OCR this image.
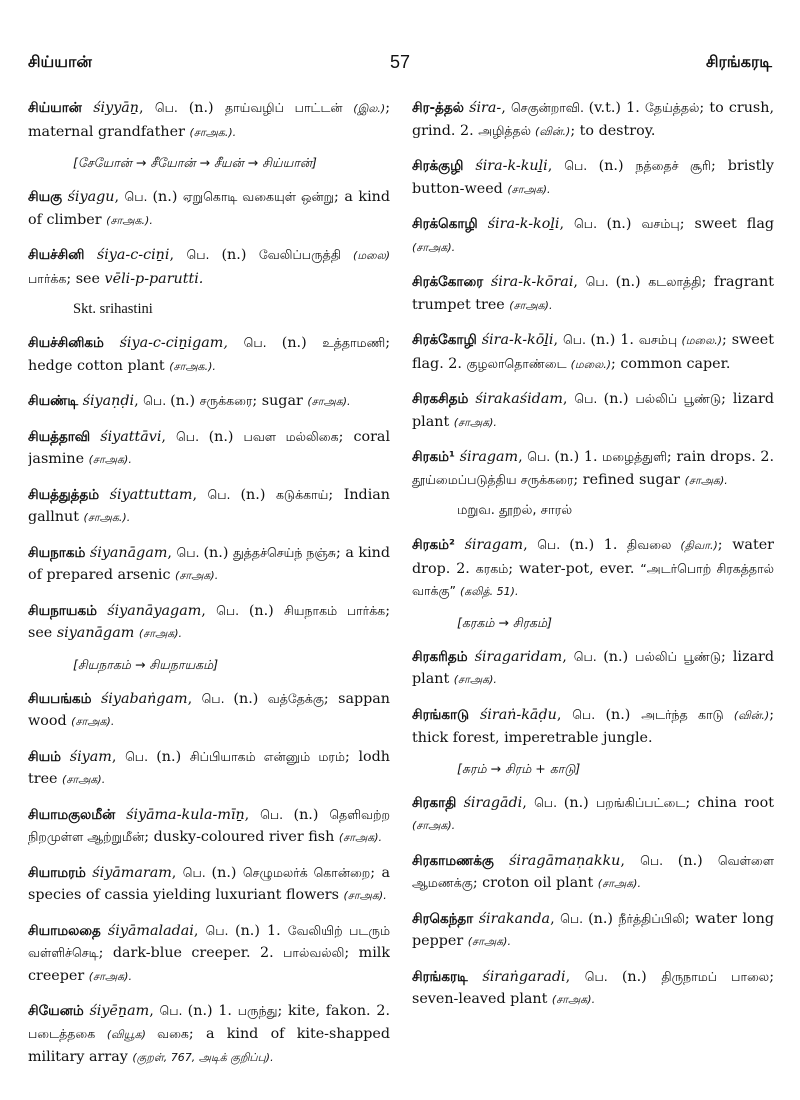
சிய்யான்	57	சிரங்கரடி
சிய்யான் śiyyāṉ, பெ. (n.) தாய்வழிப் பாட்டன் (இல.); maternal grandfather (சாஅக.).
[சேயோன் → சீயோன் → சீயன் → சிய்யான்]
சியகு śiyagu, பெ. (n.) ஏறுகொடி வகையுள் ஒன்று; a kind of climber (சாஅக.).
சியச்சினி śiya-c-ciṉi, பெ. (n.) வேலிப்பருத்தி (மலை) பார்க்க; see vēli-p-parutti.
Skt. srihastini
சியச்சினிகம் śiya-c-ciṉigam, பெ. (n.) உத்தாமணி; hedge cotton plant (சாஅக.).
சியண்டி śiyaṇḍi, பெ. (n.) சருக்கரை; sugar (சாஅக).
சியத்தாவி śiyattāvi, பெ. (n.) பவள மல்லிகை; coral jasmine (சாஅக).
சியத்துத்தம் śiyattuttam, பெ. (n.) கடுக்காய்; Indian gallnut (சாஅக.).
சியநாகம் śiyanāgam, பெ. (n.) துத்தச்செய்ந் நஞ்சு; a kind of prepared arsenic (சாஅக).
சியநாயகம் śiyanāyagam, பெ. (n.) சியநாகம் பார்க்க; see siyanāgam (சாஅக).
[சியநாகம் → சியநாயகம்]
சியபங்கம் śiyabaṅgam, பெ. (n.) வத்தேக்கு; sappan wood (சாஅக).
சியம் śiyam, பெ. (n.) சிப்பியாகம் என்னும் மரம்; lodh tree (சாஅக).
சியாமகுலமீன் śiyāma-kula-mīṉ, பெ. (n.) தெளிவற்ற நிறமுள்ள ஆற்றுமீன்; dusky-coloured river fish (சாஅக).
சியாமரம் śiyāmaram, பெ. (n.) செழுமலர்க் கொன்றை; a species of cassia yielding luxuriant flowers (சாஅக).
சியாமலதை śiyāmaladai, பெ. (n.) 1. வேலியிற் படரும் வள்ளிச்செடி; dark-blue creeper. 2. பால்வல்லி; milk creeper (சாஅக).
சியேனம் śiyēṉam, பெ. (n.) 1. பருந்து; kite, fakon. 2. படைத்தகை (வியூக) வகை; a kind of kite-shapped military array (குறள், 767, அடிக் குறிப்பு).
சிர-த்தல் śira-, செகுன்றாவி. (v.t.) 1. தேய்த்தல்; to crush, grind. 2. அழித்தல் (வின்.); to destroy.
சிரக்குழி śira-k-kuḻi, பெ. (n.) நத்தைச் சூரி; bristly button-weed (சாஅக).
சிரக்கொழி śira-k-koḻi, பெ. (n.) வசம்பு; sweet flag (சாஅக).
சிரக்கோரை śira-k-kōrai, பெ. (n.) கடலாத்தி; fragrant trumpet tree (சாஅக).
சிரக்கோழி śira-k-kōḻi, பெ. (n.) 1. வசம்பு (மலை.); sweet flag. 2. குழலாதொண்டை (மலை.); common caper.
சிரகசிதம் śirakaśidam, பெ. (n.) பல்லிப் பூண்டு; lizard plant (சாஅக).
சிரகம்¹ śiragam, பெ. (n.) 1. மழைத்துளி; rain drops. 2. தூய்மைப்படுத்திய சருக்கரை; refined sugar (சாஅக).
மறுவ. தூறல், சாரல்
சிரகம்² śiragam, பெ. (n.) 1. திவலை (திவா.); water drop. 2. கரகம்; water-pot, ever. “அடர்பொற் சிரகத்தால் வாக்கு” (கலித். 51).
[கரகம் → சிரகம்]
சிரகரிதம் śiragaridam, பெ. (n.) பல்லிப் பூண்டு; lizard plant (சாஅக).
சிரங்காடு śiraṅ-kāḍu, பெ. (n.) அடர்ந்த காடு (வின்.); thick forest, imperetrable jungle.
[சுரம் → சிரம் + காடு]
சிரகாதி śiragādi, பெ. (n.) பறங்கிப்பட்டை; china root (சாஅக).
சிரகாமணக்கு śiragāmaṇakku, பெ. (n.) வெள்ளை ஆமணக்கு; croton oil plant (சாஅக).
சிரகெந்தா śirakanda, பெ. (n.) நீர்த்திப்பிலி; water long pepper (சாஅக).
சிரங்கரடி śiraṅgaradi, பெ. (n.) திருநாமப் பாலை; seven-leaved plant (சாஅக).
